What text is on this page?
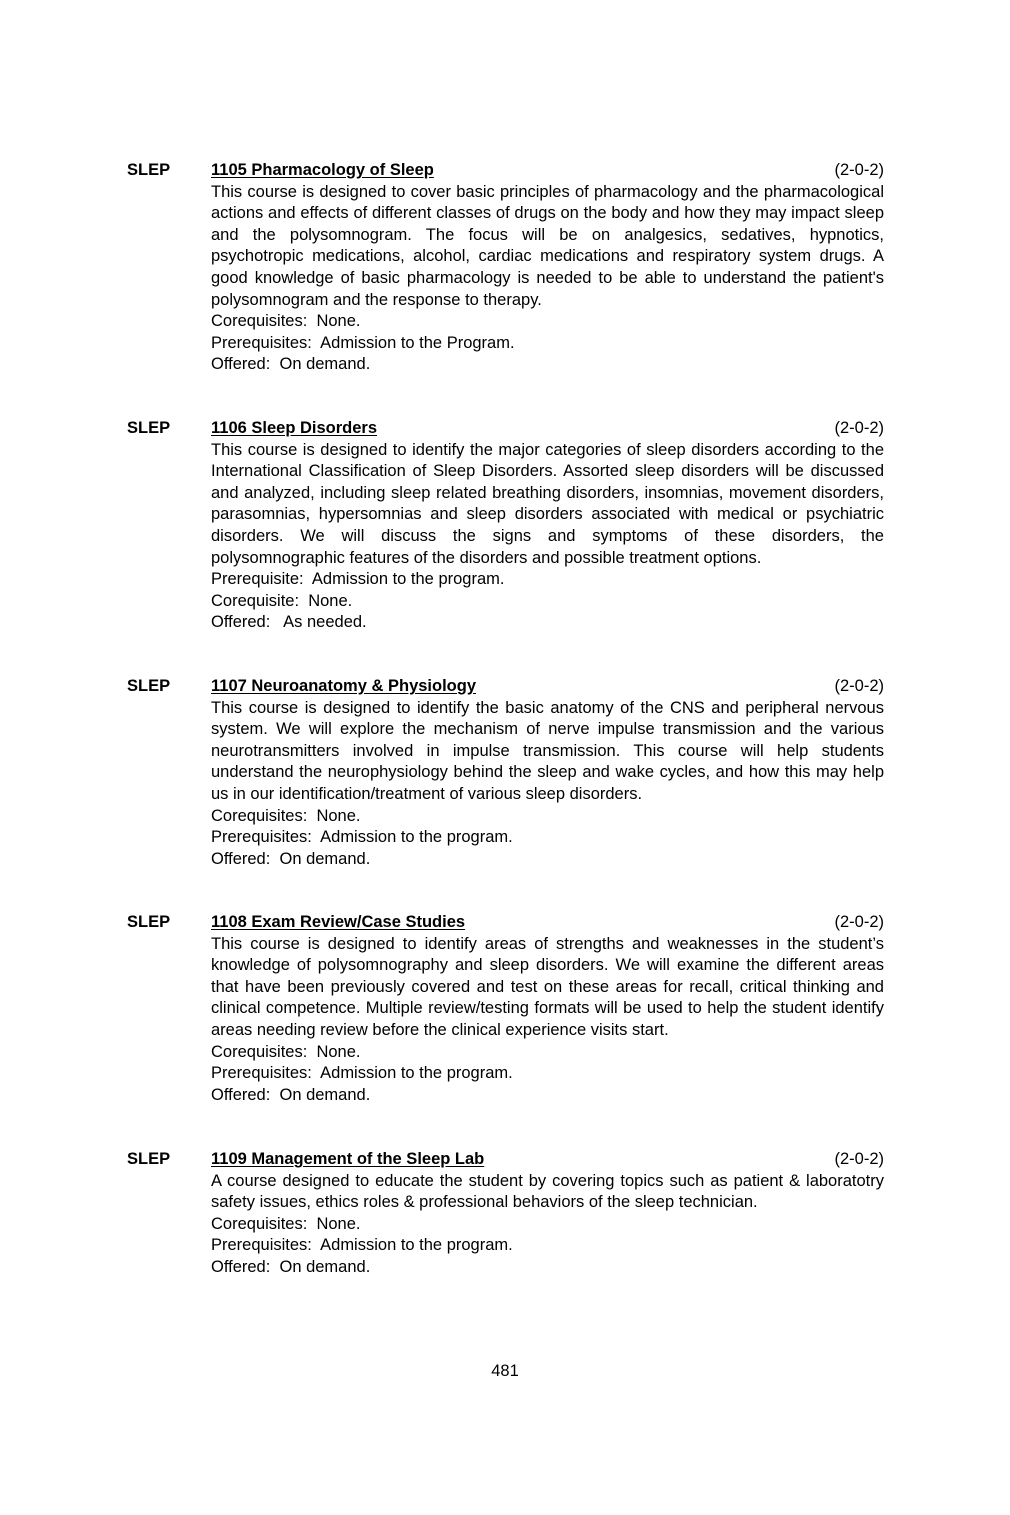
SLEP 1105 Pharmacology of Sleep	(2-0-2)

This course is designed to cover basic principles of pharmacology and the pharmacological actions and effects of different classes of drugs on the body and how they may impact sleep and the polysomnogram. The focus will be on analgesics, sedatives, hypnotics, psychotropic medications, alcohol, cardiac medications and respiratory system drugs. A good knowledge of basic pharmacology is needed to be able to understand the patient's polysomnogram and the response to therapy.

Corequisites:  None.

Prerequisites:  Admission to the Program.

Offered:  On demand.

SLEP 1106 Sleep Disorders	(2-0-2)

This course is designed to identify the major categories of sleep disorders according to the International Classification of Sleep Disorders. Assorted sleep disorders will be discussed and analyzed, including sleep related breathing disorders, insomnias, movement disorders, parasomnias, hypersomnias and sleep disorders associated with medical or psychiatric disorders. We will discuss the signs and symptoms of these disorders, the polysomnographic features of the disorders and possible treatment options.

Prerequisite:  Admission to the program.

Corequisite:  None.

Offered:   As needed.

SLEP 1107 Neuroanatomy & Physiology	(2-0-2)

This course is designed to identify the basic anatomy of the CNS and peripheral nervous system. We will explore the mechanism of nerve impulse transmission and the various neurotransmitters involved in impulse transmission. This course will help students understand the neurophysiology behind the sleep and wake cycles, and how this may help us in our identification/treatment of various sleep disorders.

Corequisites:  None.

Prerequisites:  Admission to the program.

Offered:  On demand.

SLEP 1108 Exam Review/Case Studies	(2-0-2)

This course is designed to identify areas of strengths and weaknesses in the student’s knowledge of polysomnography and sleep disorders. We will examine the different areas that have been previously covered and test on these areas for recall, critical thinking and clinical competence. Multiple review/testing formats will be used to help the student identify areas needing review before the clinical experience visits start.

Corequisites:  None.

Prerequisites:  Admission to the program.

Offered:  On demand.

SLEP 1109 Management of the Sleep Lab	(2-0-2)

A course designed to educate the student by covering topics such as patient & laboratotry safety issues, ethics roles & professional behaviors of the sleep technician.

Corequisites:  None.

Prerequisites:  Admission to the program.

Offered:  On demand.

481
